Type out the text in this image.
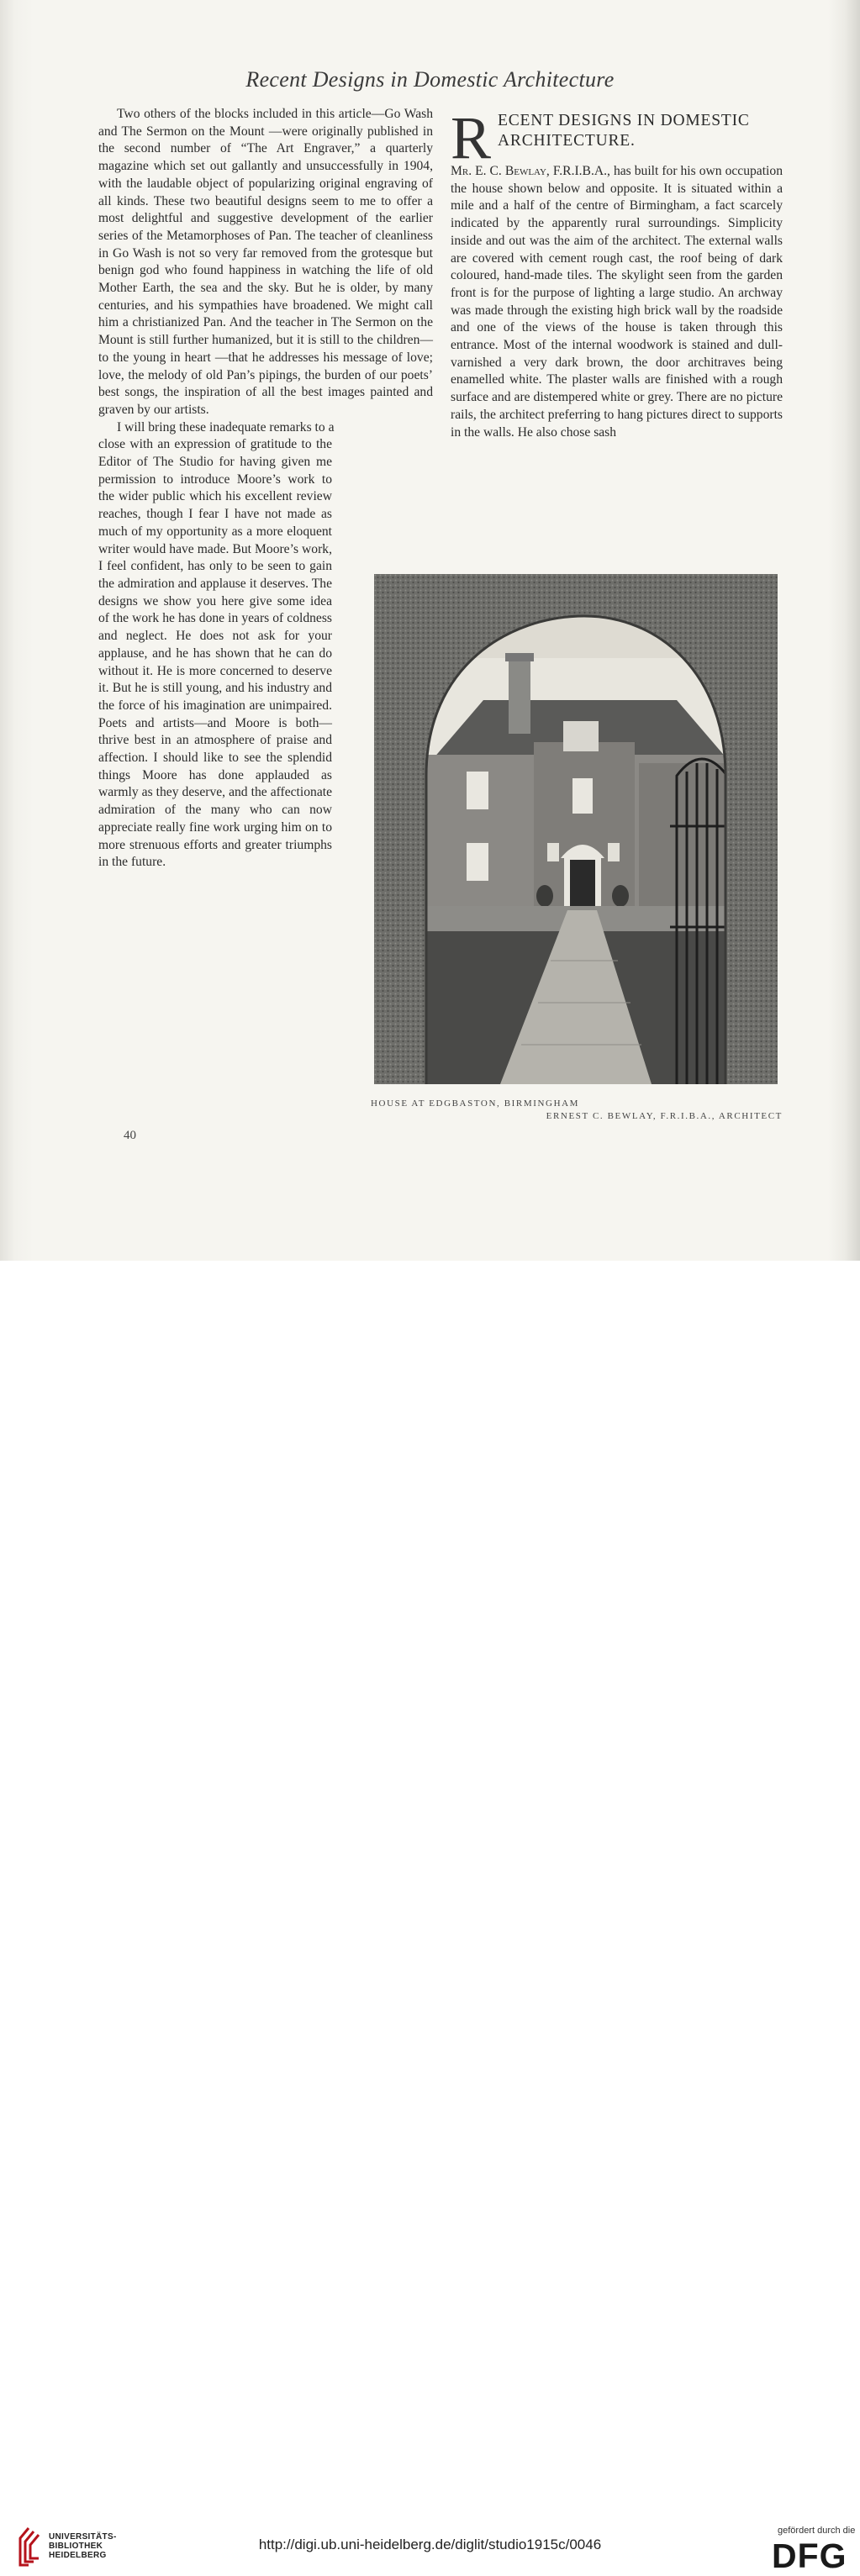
Recent Designs in Domestic Architecture

Two others of the blocks included in this article—Go Wash and The Sermon on the Mount —were originally published in the second number of “The Art Engraver,” a quarterly magazine which set out gallantly and unsuccessfully in 1904, with the laudable object of popularizing original engraving of all kinds. These two beautiful designs seem to me to offer a most delightful and suggestive development of the earlier series of the Metamorphoses of Pan. The teacher of cleanliness in Go Wash is not so very far removed from the grotesque but benign god who found happiness in watching the life of old Mother Earth, the sea and the sky. But he is older, by many centuries, and his sympathies have broadened. We might call him a christianized Pan. And the teacher in The Sermon on the Mount is still further humanized, but it is still to the children—to the young in heart —that he addresses his message of love; love, the melody of old Pan’s pipings, the burden of our poets’ best songs, the inspiration of all the best images painted and graven by our artists.

I will bring these inadequate remarks to a

close with an expression of gratitude to the Editor of The Studio for having given me permission to introduce Moore’s work to the wider public which his excellent review reaches, though I fear I have not made as much of my opportunity as a more eloquent writer would have made. But Moore’s work, I feel confident, has only to be seen to gain the admiration and applause it deserves. The designs we show you here give some idea of the work he has done in years of coldness and neglect. He does not ask for your applause, and he has shown that he can do without it. He is more concerned to deserve it. But he is still young, and his industry and the force of his imagination are unimpaired. Poets and artists—and Moore is both—thrive best in an atmosphere of praise and affection. I should like to see the splendid things Moore has done applauded as warmly as they deserve, and the affectionate admiration of the many who can now appreciate really fine work urging him on to more strenuous efforts and greater triumphs in the future.

R ECENT DESIGNS IN DOMESTIC
ARCHITECTURE.

Mr. E. C. Bewlay, F.R.I.B.A., has built for his own occupation the house shown below and opposite. It is situated within a mile and a half of the centre of Birmingham, a fact scarcely indicated by the apparently rural surroundings. Simplicity inside and out was the aim of the architect. The external walls are covered with cement rough cast, the roof being of dark coloured, hand-made tiles. The skylight seen from the garden front is for the purpose of lighting a large studio. An archway was made through the existing high brick wall by the roadside and one of the views of the house is taken through this entrance. Most of the internal woodwork is stained and dull-varnished a very dark brown, the door architraves being enamelled white. The plaster walls are finished with a rough surface and are distempered white or grey. There are no picture rails, the architect preferring to hang pictures direct to supports in the walls. He also chose sash

HOUSE AT EDGBASTON, BIRMINGHAM
ERNEST C. BEWLAY, F.R.I.B.A., ARCHITECT
40
UNIVERSITÄTS-
BIBLIOTHEK
HEIDELBERG
http://digi.ub.uni-heidelberg.de/diglit/studio1915c/0046
gefördert durch die
DFG
